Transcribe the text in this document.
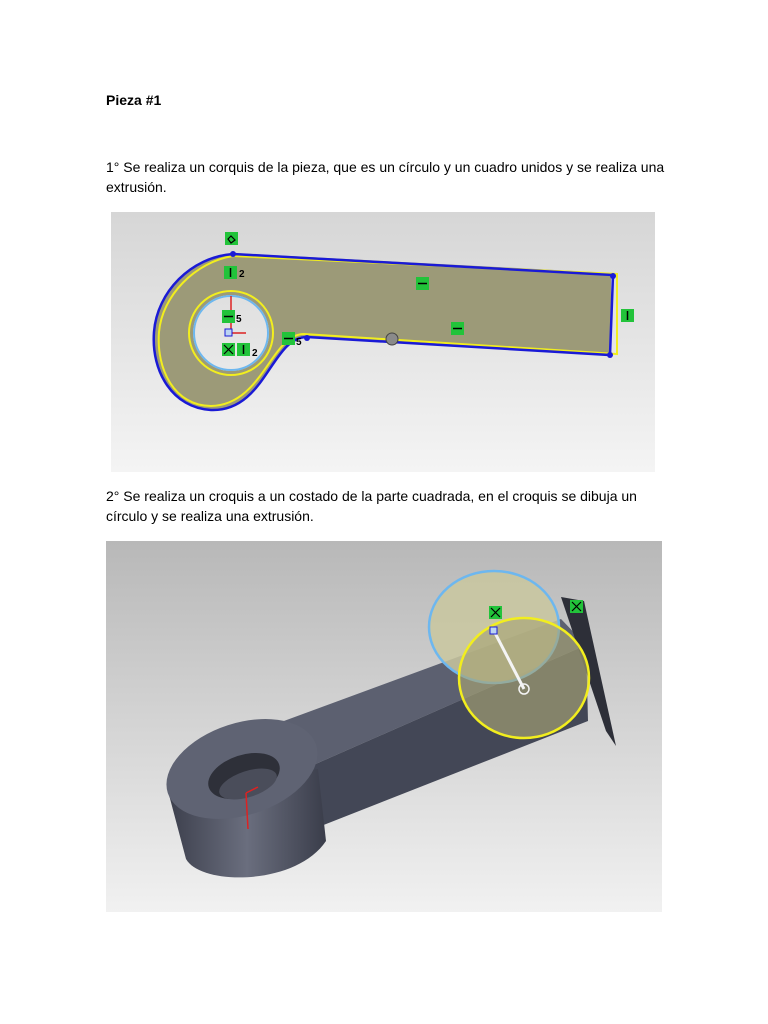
Pieza #1
1° Se realiza un corquis de la pieza, que es un círculo y un cuadro unidos y se realiza una extrusión.
2
5
2
5
2° Se realiza un croquis a un costado de la parte cuadrada, en el croquis se dibuja un círculo y se realiza una extrusión.
